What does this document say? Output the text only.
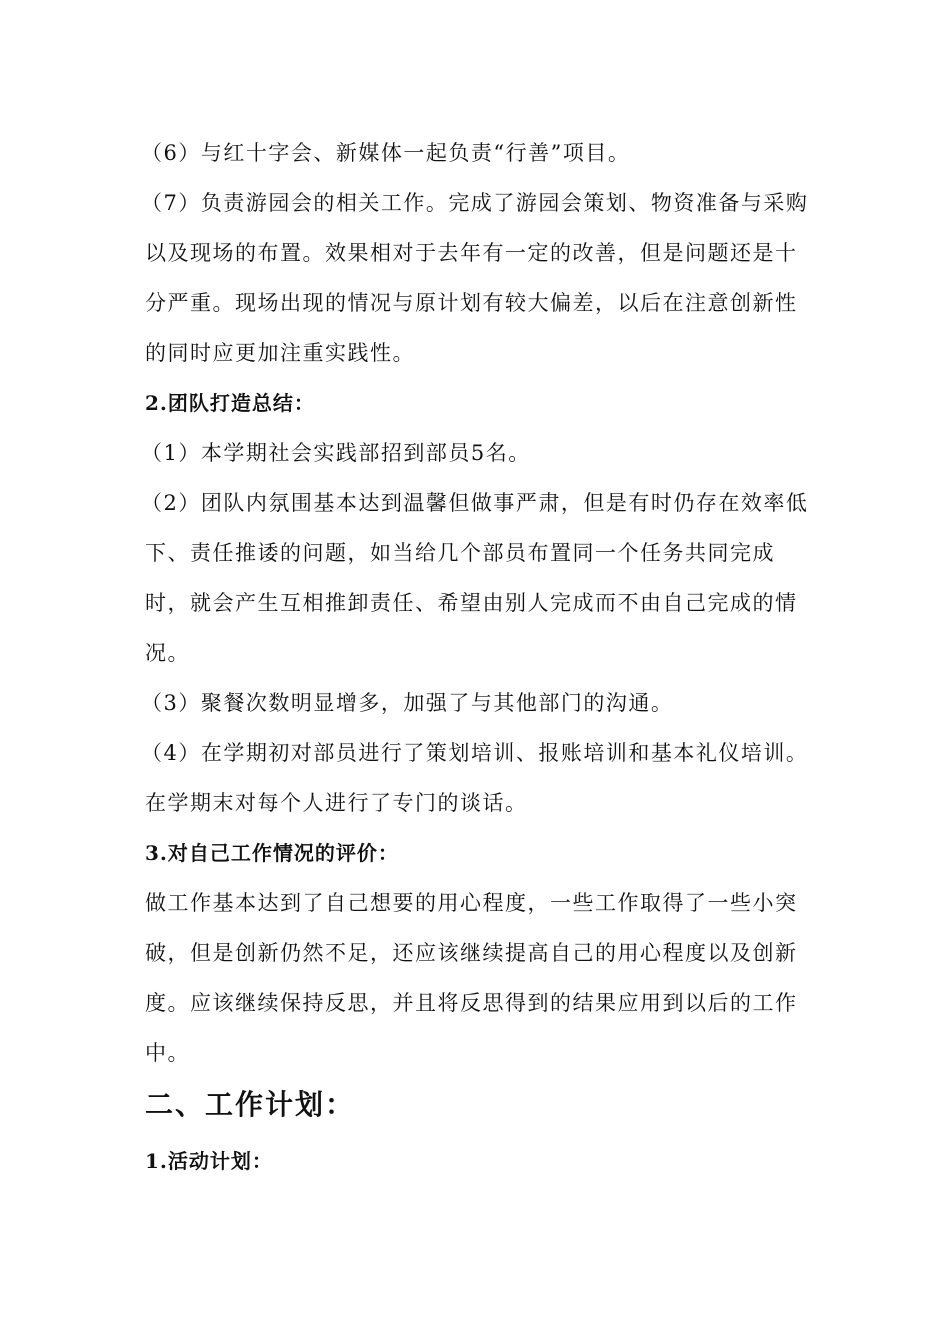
（6）与红十字会、新媒体一起负责“行善”项目。
（7）负责游园会的相关工作。完成了游园会策划、物资准备与采购
以及现场的布置。效果相对于去年有一定的改善，但是问题还是十
分严重。现场出现的情况与原计划有较大偏差，以后在注意创新性
的同时应更加注重实践性。
2.团队打造总结：
（1）本学期社会实践部招到部员5名。
（2）团队内氛围基本达到温馨但做事严肃，但是有时仍存在效率低
下、责任推诿的问题，如当给几个部员布置同一个任务共同完成
时，就会产生互相推卸责任、希望由别人完成而不由自己完成的情
况。
（3）聚餐次数明显增多，加强了与其他部门的沟通。
（4）在学期初对部员进行了策划培训、报账培训和基本礼仪培训。
在学期末对每个人进行了专门的谈话。
3.对自己工作情况的评价：
做工作基本达到了自己想要的用心程度，一些工作取得了一些小突
破，但是创新仍然不足，还应该继续提高自己的用心程度以及创新
度。应该继续保持反思，并且将反思得到的结果应用到以后的工作
中。
二、工作计划：
1.活动计划：
